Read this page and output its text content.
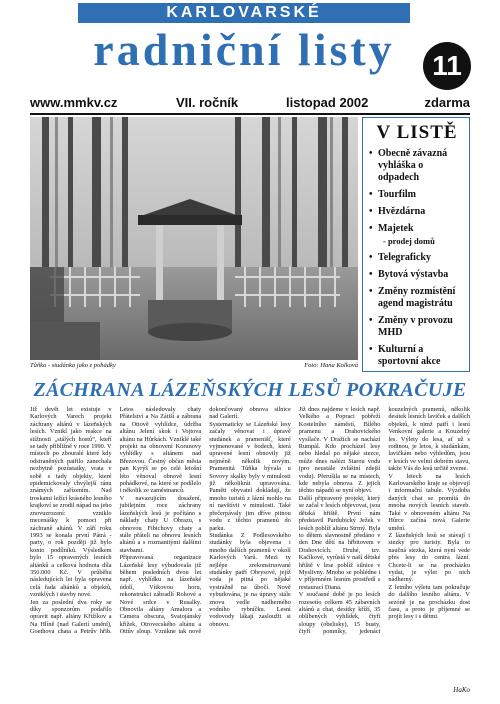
KARLOVARSKÉ
radniční listy	11
www.mmkv.cz	VII. ročník	listopad 2002	zdarma
Tůňka - studánka jako z pohádky	Foto: Hana Kolková
V LISTĚ
• Obecně závazná vyhláška o odpadech
• Tourfilm
• Hvězdárna
• Majetek
- prodej domů
• Telegraficky
• Bytová výstavba
• Změny rozmístění agend magistrátu
• Změny v provozu MHD
• Kulturní a sportovní akce
ZÁCHRANA LÁZEŇSKÝCH LESŮ POKRAČUJE

Již devět let existuje v Karlových Varech projekt záchrany altánů v lázeňských lesích. Vznikl jako reakce na stížnosti „stálých hostů“, kteří se tady přibližně v roce 1990. V místech po zbouralé které kdy odstraněných patřilo zanechala nezbytně pozůstatky, vrata v sobě s tady objekty, které epidemickovaly chvýlejší ránu známých zařízením. Nad troskami ležící krásného lesního krajkoví se zrodil nápad na jeho znovuzrození: vzniklo mecenášky k pomoci při záchraně altánů. V září roku 1993 se konala první Pátrá - party, o rok později již bylo konto podílníků. Výsledkem bylo 15 opravených lesních altánků a celková hodnota díla 350.000 Kč. V průběhu následujících let byla opravena celá řada altánků a objektů, vzniklých i stavby nové.

Jen za poslední dva roky se díky sponzorům podařilo opravit např. altány Křižíkov a Na Hlíně (nad Galerií umění), Goethova chata a Petrův hřib. Letos následovaly chaty Přátelství a Na Zátiší a zábrana na Ottově vyhlídce, údržba altánu Jelení skok i Vojtova altánu na Hůrkách. Vzniklé také projekt na obnovení Korunovy vyhlídky s altánem nad Březovou. Čestný občan města pan Kyrýš se po celé letošní léto věnoval obnově lesní pohádkové, na které se podílelo i několik ze zaměstnanců.

V navazujícím dosažení, jubilejním roce záchrany lázeňských lesů je počítáno s náklady chaty U Obrazu, s obnovou Fibichovy chaty a stále přáteli na obnovu lesních altánů a s rozmanitými dalšími stavbami.

Připravovaná organizace Lázeňské lesy výbudovala již během posledních dvou let např. vyhlídku na lázeňské údolí, Vítkovou horu, rekonstrukci zábradlí Rohové a Nové srdce v Rusalky. Obnovila altány Amalora a Camera obscura, Svatojánský křížek, Otrovecského altánu a Ottův sloup. Vznikne tak nově dokončovaný obnova silnice nad Galerií.

Systematicky se Lázeňské lesy začaly věnovat i úpravě studánek a pramenišť, které vyjmenované v bodech, která upravené lesní obnovily již nejméně několik novým. Pramenitá Tůňka bývala u Sovovy skalky byly v minulosti již několikrát upravována. Paměti obyvatel dokládají, že mnoho turistů z lázní mohlo na ní navštívit v minulosti. Také přečerpávaly jim dříve pitnou vodu z těchto pramenů do parku.

Studánka Z Podlesovského studánky byla objevena i mnoho dalších pramenů v okolí Karlových Varů. Mezi ty nejlépe zrekonstruované studánky patří Obrysové, jejíž voda je pitná po nějaké vystražně na úbočí. Nově vybudována, je na úpravy stále znovu vedle nádherného vodního rybníčku. Lesní vodovody lákají zasloužit si obnovu.

Již dnes najdeme v lesích např. Velkého a Popraci pobřeží Kostelního náměstí, Bílého pramenu a Drahovického vysílače. V Dražích se nachází Rumpál. Kdo procházel lesy nebo hledal po nějaké stezce, může dnes nalézt Starou vodu (pro neustále zvláštní zdejší vodu). Přerušila se na místech, kde nebyla obnova. Z jejich těchto nápadů se nyní objeví.

Další připravený projekt, který se začal v lesích objevovat, jsou dětská hřiště. První nám představil Pardubický Ježek v lesích poblíž altánu Strmý. Byla to dětem slavnostně předáno v den Dne dětí na hřbitovem v Drahovicích. Druhé, tzv. Kačíkové, vyrůstá v naší dětské hřiště v lese poblíž silnice v Myslivny. Mnoho se pohlédne i v příjemném lesním prostředí s restaurací Diana.

V současné době je po lesích rozesetío celkem 45 zábavních altánů a chat, desítky kříží, 35 oblíbených vyhlídek, čtyři sloupy (obelisky), 15 busty, čtyři pomníky, jedenáct kouzelných pramenů, několik desítek lesních laviček a dalších objektů, k nimž patří i lesní Venkovní galerie a Kouzelný les. Výlety do lesa, ať už s rodinou, je letos, k studánkám, lavičkám nebo výhledům, jsou v lesích ve velmi dobrém stavu, takže Vás do lesů určitě zveme.

V letech na lesích Karlovarského kraje se objevují i informační tabule. Výzdoba daných chat se promítá do mnoha nových lesních staveb. Také v obnoveném altánu Na Hůrce začíná nová Galerie umění.

Z lázeňských lesů se stávají i stezky pro turisty. Byla to naučná stezka, která nyní vede přes lesy do centra lázní. Chcete-li se na procházku vydat, je výlet po nich nádherný.

Z letního výletu tam pokračuje do dalšího lesního altánu. V sezóně je na procházku dost času, a proto je příjemné se projít lesy i s dětmi.

HaKo
